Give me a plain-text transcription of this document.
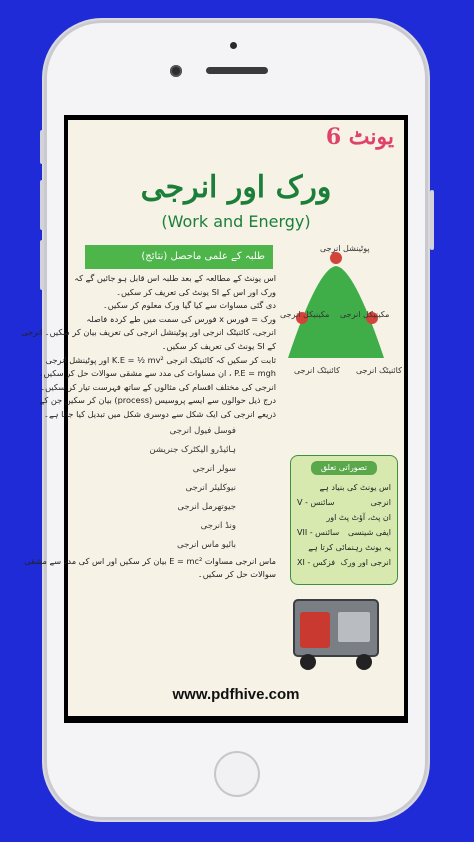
یونٹ 6
ورک اور انرجی
(Work and Energy)
طلبہ کے علمی ماحصل (نتائج)
پوٹینشل انرجی
مکینیکل انرجی مکینیکل انرجی
کائنیٹک انرجی کائنیٹک انرجی
اس یونٹ کے مطالعہ کے بعد طلبہ اس قابل ہو جائیں گے کہ
ورک اور اس کے SI یونٹ کی تعریف کر سکیں۔
دی گئی مساوات سے کیا گیا ورک معلوم کر سکیں۔
ورک = فورس x فورس کی سمت میں طے کردہ فاصلہ
انرجی، کائنیٹک انرجی اور پوٹینشل انرجی کی تعریف بیان کر سکیں۔ انرجی
کے SI یونٹ کی تعریف کر سکیں۔
ثابت کر سکیں کہ کائنیٹک انرجی K.E = ½ mv² اور پوٹینشل انرجی
P.E = mgh ، ان مساوات کی مدد سے مشقی سوالات حل کر سکیں۔
انرجی کی مختلف اقسام کی مثالوں کے ساتھ فہرست تیار کر سکیں۔
درج ذیل حوالوں سے ایسے پروسیس (process) بیان کر سکیں جن کے
ذریعے انرجی کی ایک شکل سے دوسری شکل میں تبدیل کیا جاتا ہے۔
فوسل فیول انرجی
ہائیڈرو الیکٹرک جنریشن
سولر انرجی
نیوکلیئر انرجی
جیوتھرمل انرجی
ونڈ انرجی
بائیو ماس انرجی
ماس انرجی مساوات E = mc² بیان کر سکیں اور اس کی مدد سے مشقی
سوالات حل کر سکیں۔
تصوراتی تعلق
اس یونٹ کی بنیاد ہے
انرجی
سائنس - V
ان پٹ، آؤٹ پٹ اور
ایفی شینسی
سائنس - VII
یہ یونٹ رہنمائی کرتا ہے
انرجی اور ورک
فزکس - XI
www.pdfhive.com
